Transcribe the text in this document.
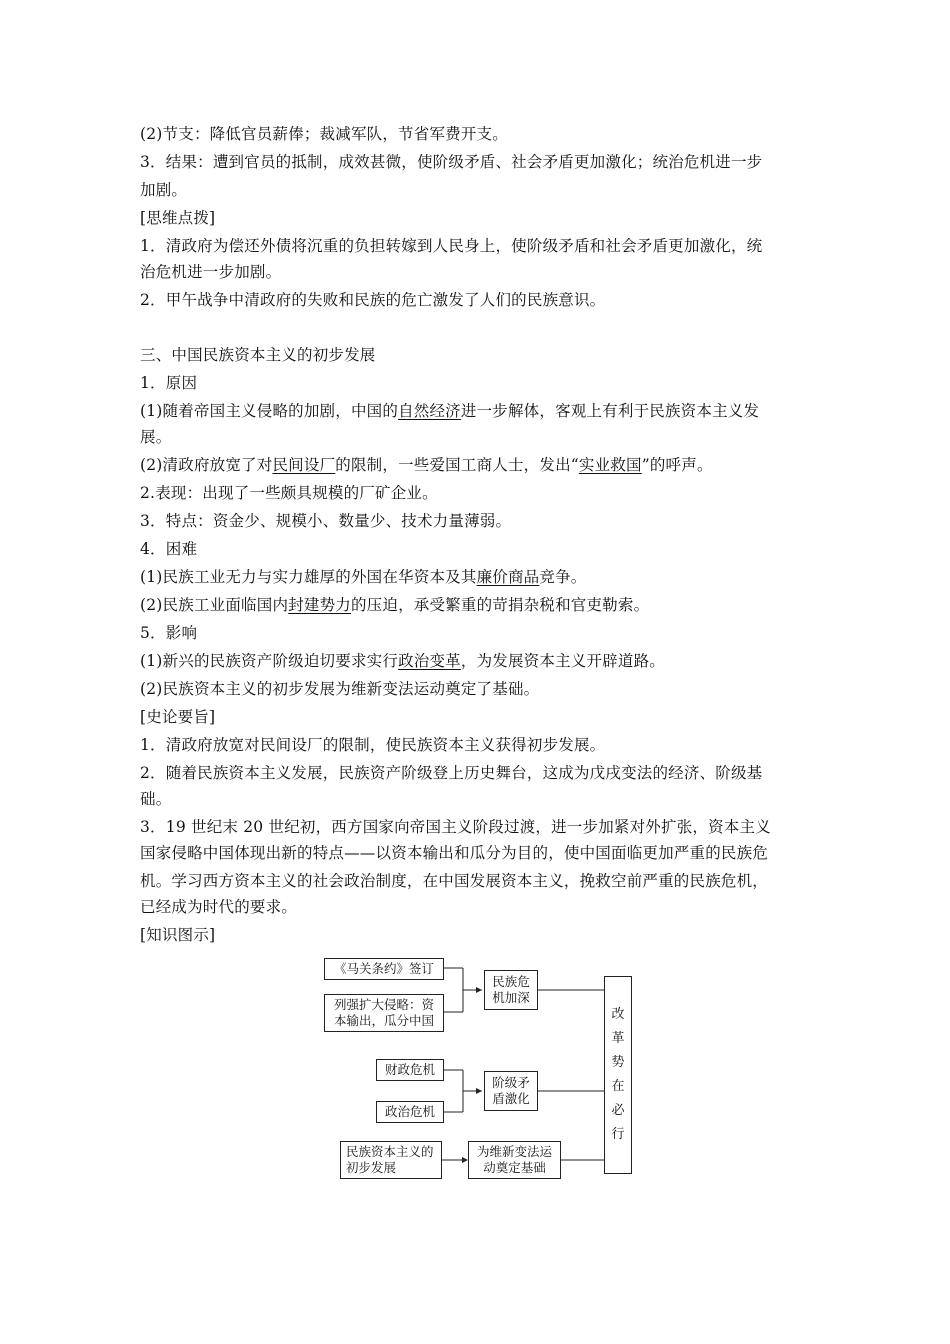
(2)节支：降低官员薪俸；裁减军队，节省军费开支。
3．结果：遭到官员的抵制，成效甚微，使阶级矛盾、社会矛盾更加激化；统治危机进一步
加剧。
[思维点拨]
1．清政府为偿还外债将沉重的负担转嫁到人民身上，使阶级矛盾和社会矛盾更加激化，统
治危机进一步加剧。
2．甲午战争中清政府的失败和民族的危亡激发了人们的民族意识。
三、中国民族资本主义的初步发展
1．原因
(1)随着帝国主义侵略的加剧，中国的自然经济进一步解体，客观上有利于民族资本主义发
展。
(2)清政府放宽了对民间设厂的限制，一些爱国工商人士，发出“实业救国”的呼声。
2.表现：出现了一些颇具规模的厂矿企业。
3．特点：资金少、规模小、数量少、技术力量薄弱。
4．困难
(1)民族工业无力与实力雄厚的外国在华资本及其廉价商品竞争。
(2)民族工业面临国内封建势力的压迫，承受繁重的苛捐杂税和官吏勒索。
5．影响
(1)新兴的民族资产阶级迫切要求实行政治变革，为发展资本主义开辟道路。
(2)民族资本主义的初步发展为维新变法运动奠定了基础。
[史论要旨]
1．清政府放宽对民间设厂的限制，使民族资本主义获得初步发展。
2．随着民族资本主义发展，民族资产阶级登上历史舞台，这成为戊戌变法的经济、阶级基
础。
3．19 世纪末 20 世纪初，西方国家向帝国主义阶段过渡，进一步加紧对外扩张，资本主义
国家侵略中国体现出新的特点——以资本输出和瓜分为目的，使中国面临更加严重的民族危
机。学习西方资本主义的社会政治制度，在中国发展资本主义，挽救空前严重的民族危机，
已经成为时代的要求。
[知识图示]
《马关条约》签订
列强扩大侵略：资
本输出，瓜分中国
民族危
机加深
财政危机
政治危机
阶级矛
盾激化
民族资本主义的
初步发展
为维新变法运
动奠定基础
改
革
势
在
必
行
